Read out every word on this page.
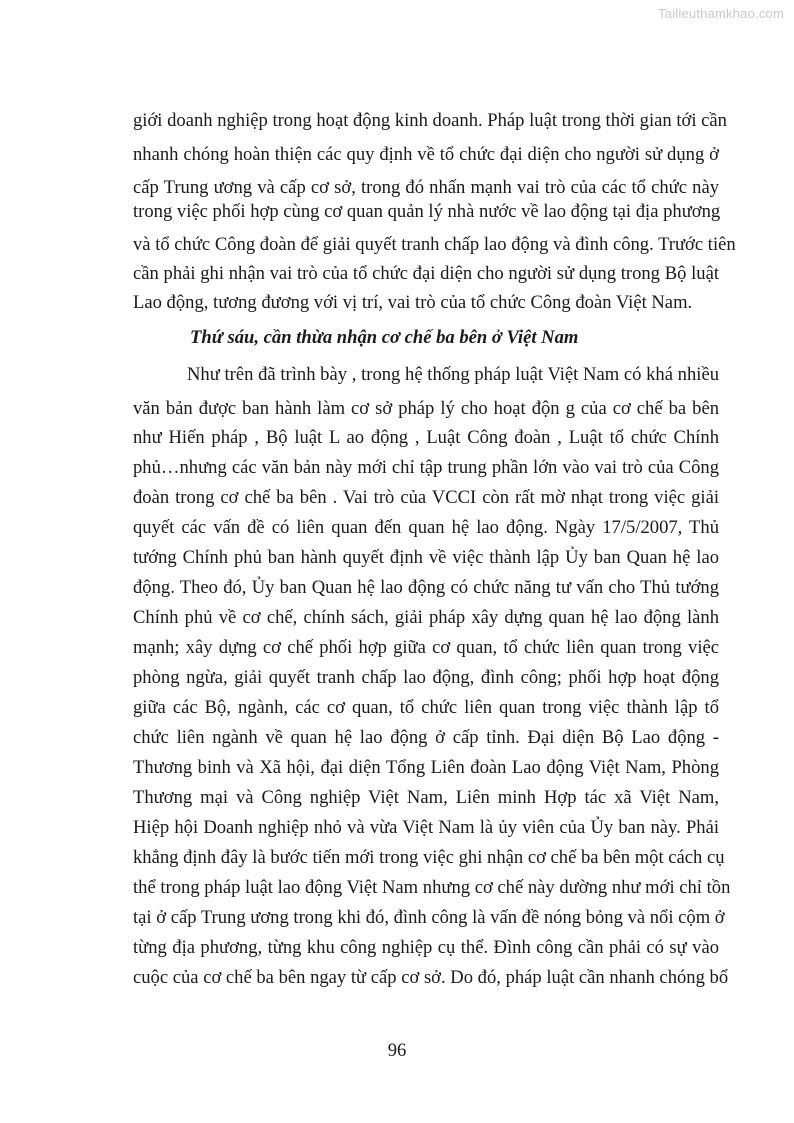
Tailieuthamkhao.com
giới doanh nghiệp trong hoạt động kinh doanh. Pháp luật trong thời gian tới cần
nhanh chóng hoàn thiện các quy định về tổ chức đại diện cho người sử dụng ở
cấp Trung ương và cấp cơ sở, trong đó nhấn mạnh vai trò của các tổ chức này
trong việc phối hợp cùng cơ quan quản lý nhà nước về lao động tại địa phương
và tổ chức Công đoàn để giải quyết tranh chấp lao động và đình công. Trước tiên
cần phải ghi nhận vai trò của tổ chức đại diện cho người sử dụng trong Bộ luật
Lao động, tương đương với vị trí, vai trò của tổ chức Công đoàn Việt Nam.
Thứ sáu, cần thừa nhận cơ chế ba bên ở Việt Nam
Như trên đã trình bày , trong hệ thống pháp luật Việt Nam có khá nhiều
văn bản được ban hành làm cơ sở pháp lý cho hoạt độn g của cơ chế ba bên
như Hiến pháp , Bộ luật L ao động , Luật Công đoàn , Luật tổ chức Chính
phủ…nhưng các văn bản này mới chỉ tập trung phần lớn vào vai trò của Công
đoàn trong cơ chế ba bên . Vai trò của VCCI còn rất mờ nhạt trong việc giải
quyết các vấn đề có liên quan đến quan hệ lao động. Ngày 17/5/2007, Thủ
tướng Chính phủ ban hành quyết định về việc thành lập Ủy ban Quan hệ lao
động. Theo đó, Ủy ban Quan hệ lao động có chức năng tư vấn cho Thủ tướng
Chính phủ về cơ chế, chính sách, giải pháp xây dựng quan hệ lao động lành
mạnh; xây dựng cơ chế phối hợp giữa cơ quan, tổ chức liên quan trong việc
phòng ngừa, giải quyết tranh chấp lao động, đình công; phối hợp hoạt động
giữa các Bộ, ngành, các cơ quan, tổ chức liên quan trong việc thành lập tổ
chức liên ngành về quan hệ lao động ở cấp tỉnh. Đại diện Bộ Lao động -
Thương binh và Xã hội, đại diện Tổng Liên đoàn Lao động Việt Nam, Phòng
Thương mại và Công nghiệp Việt Nam, Liên minh Hợp tác xã Việt Nam,
Hiệp hội Doanh nghiệp nhỏ và vừa Việt Nam là ủy viên của Ủy ban này. Phải
khẳng định đây là bước tiến mới trong việc ghi nhận cơ chế ba bên một cách cụ
thể trong pháp luật lao động Việt Nam nhưng cơ chế này dường như mới chỉ tồn
tại ở cấp Trung ương trong khi đó, đình công là vấn đề nóng bỏng và nổi cộm ở
từng địa phương, từng khu công nghiệp cụ thể. Đình công cần phải có sự vào
cuộc của cơ chế ba bên ngay từ cấp cơ sở. Do đó, pháp luật cần nhanh chóng bổ
96
